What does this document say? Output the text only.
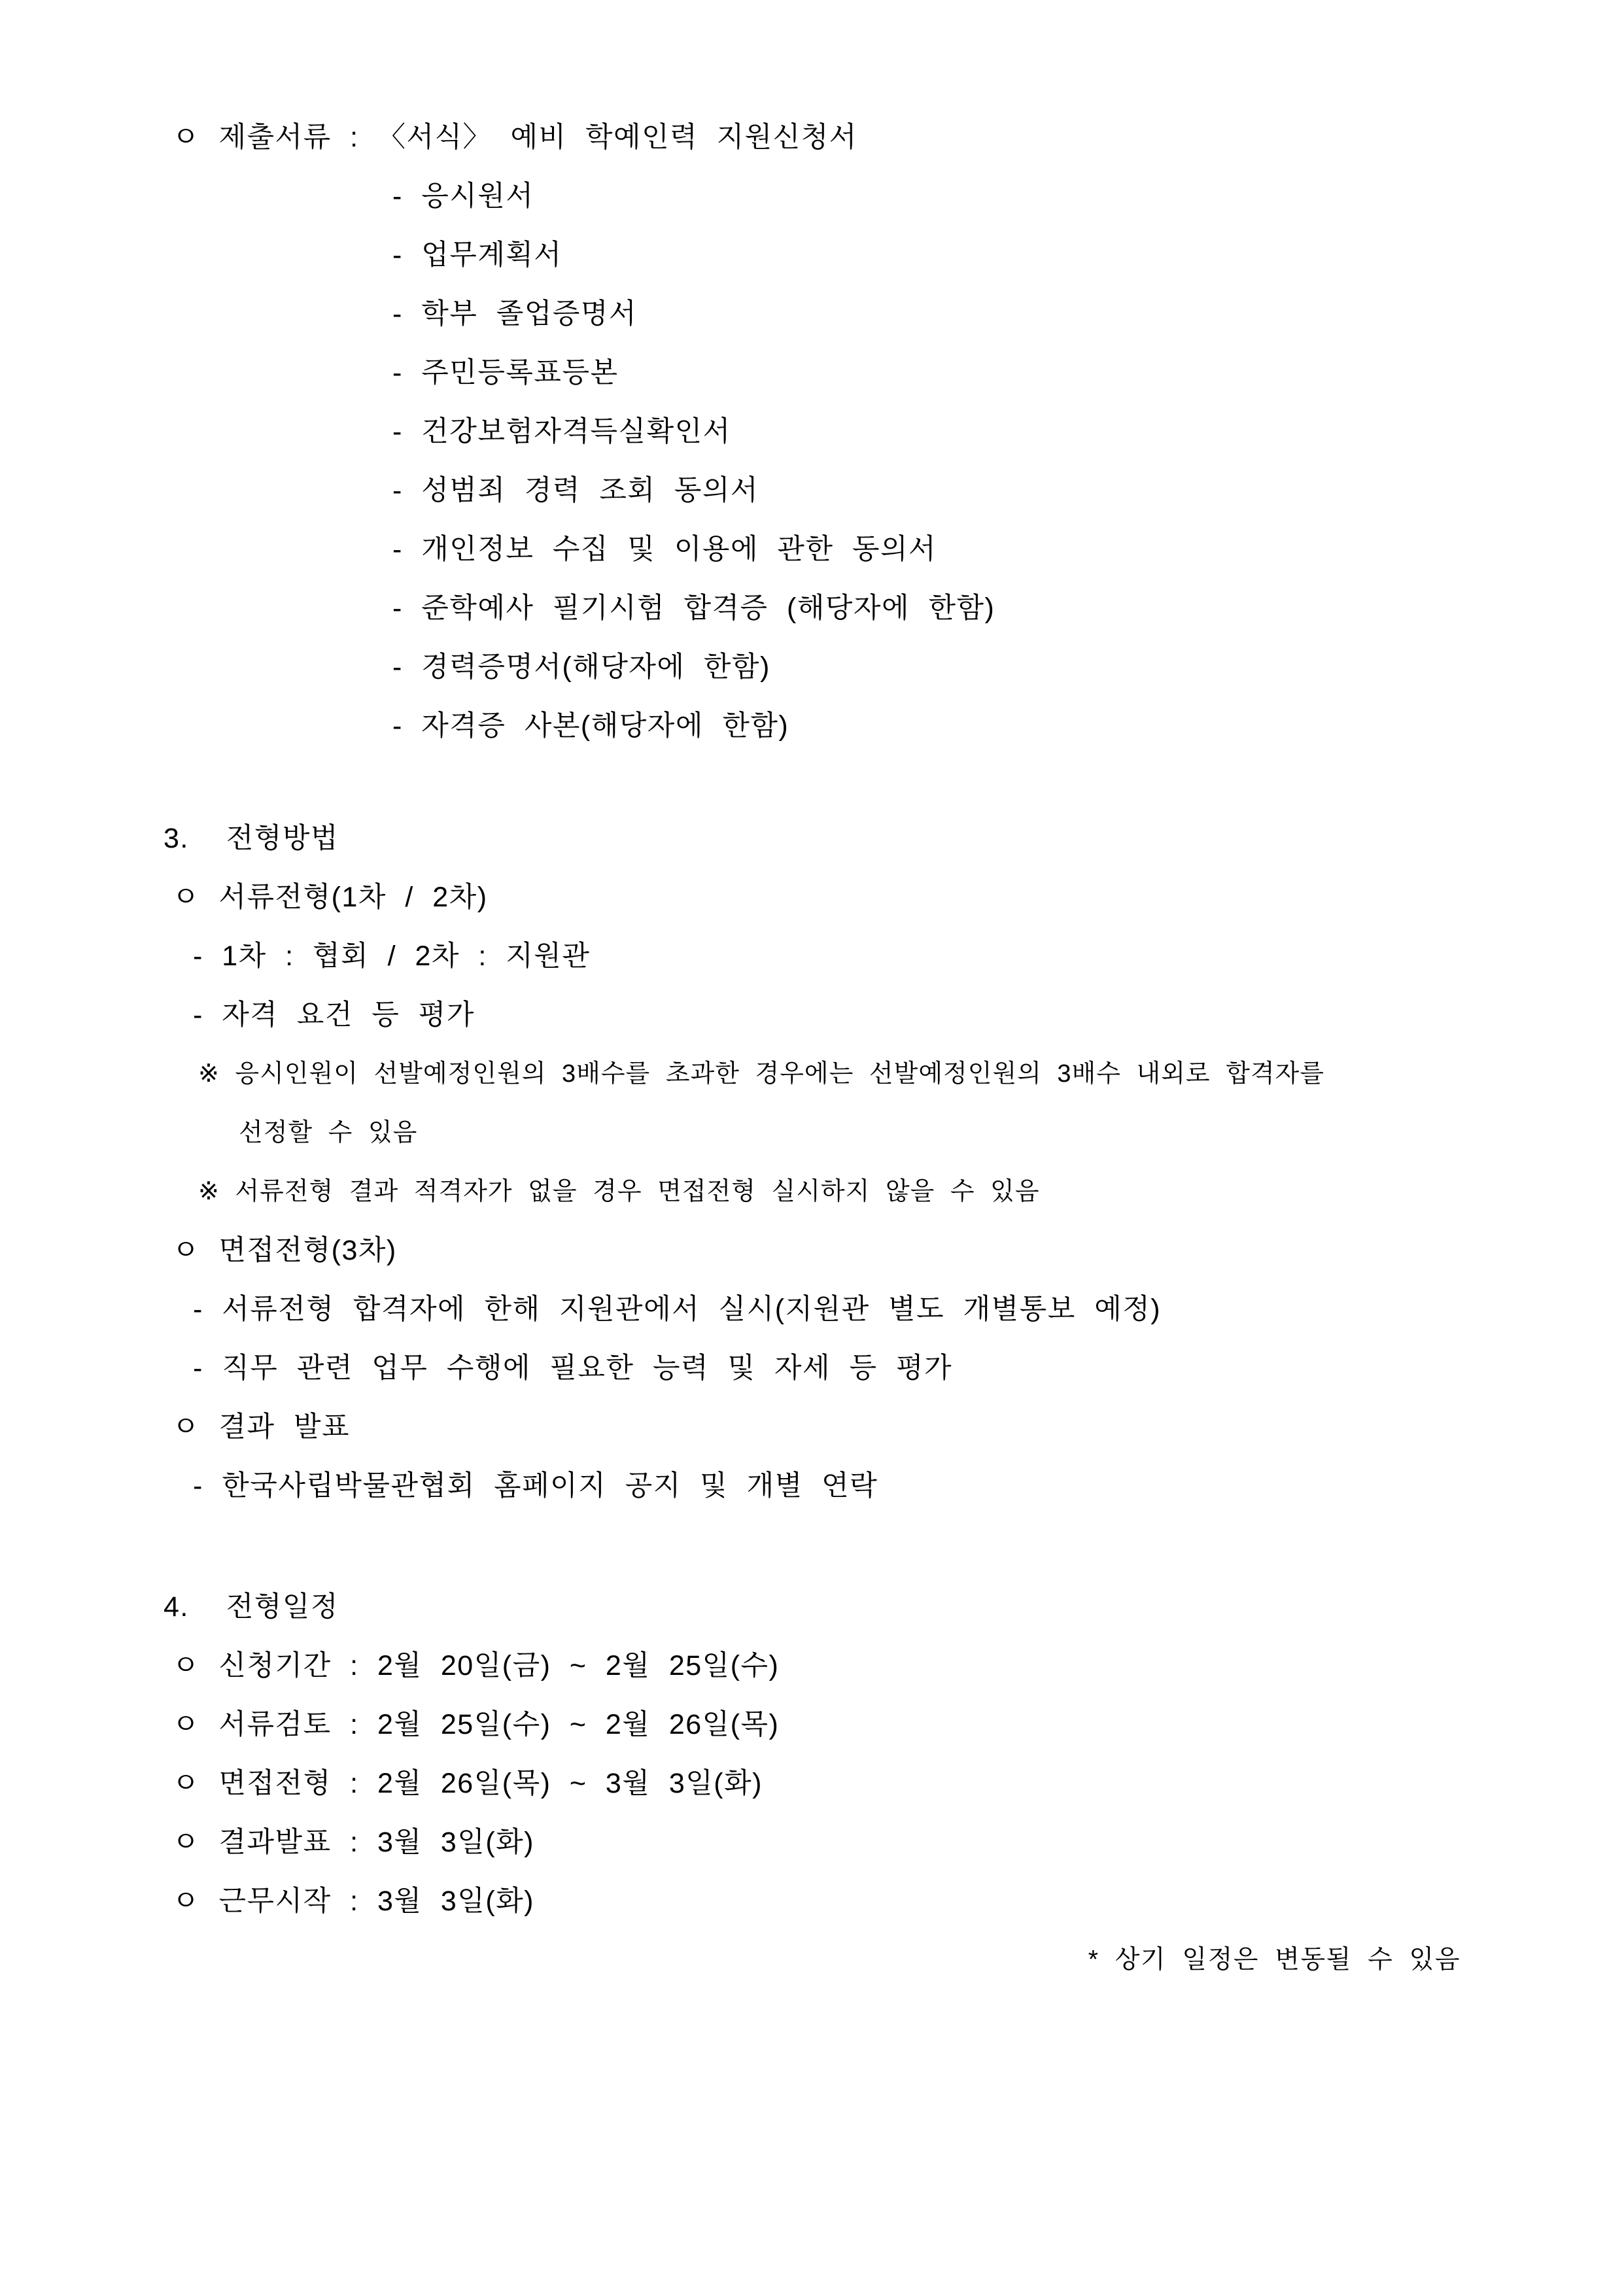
ㅇ 제출서류 : 〈서식〉 예비 학예인력 지원신청서
- 응시원서
- 업무계획서
- 학부 졸업증명서
- 주민등록표등본
- 건강보험자격득실확인서
- 성범죄 경력 조회 동의서
- 개인정보 수집 및 이용에 관한 동의서
- 준학예사 필기시험 합격증 (해당자에 한함)
- 경력증명서(해당자에 한함)
- 자격증 사본(해당자에 한함)
3.  전형방법
ㅇ 서류전형(1차 / 2차)
- 1차 : 협회 / 2차 : 지원관
- 자격 요건 등 평가
※ 응시인원이 선발예정인원의 3배수를 초과한 경우에는 선발예정인원의 3배수 내외로 합격자를
선정할 수 있음
※ 서류전형 결과 적격자가 없을 경우 면접전형 실시하지 않을 수 있음
ㅇ 면접전형(3차)
- 서류전형 합격자에 한해 지원관에서 실시(지원관 별도 개별통보 예정)
- 직무 관련 업무 수행에 필요한 능력 및 자세 등 평가
ㅇ 결과 발표
- 한국사립박물관협회 홈페이지 공지 및 개별 연락
4.  전형일정
ㅇ 신청기간 : 2월 20일(금) ~ 2월 25일(수)
ㅇ 서류검토 : 2월 25일(수) ~ 2월 26일(목)
ㅇ 면접전형 : 2월 26일(목) ~ 3월 3일(화)
ㅇ 결과발표 : 3월 3일(화)
ㅇ 근무시작 : 3월 3일(화)
* 상기 일정은 변동될 수 있음
